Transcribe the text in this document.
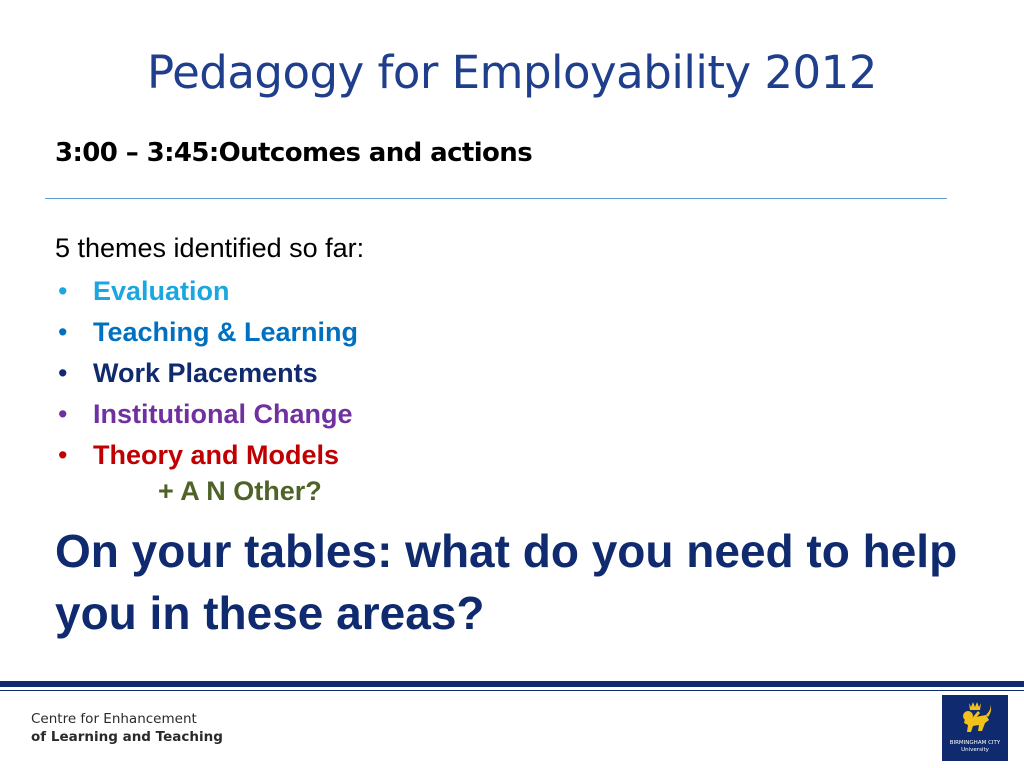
Pedagogy for Employability 2012
3:00 – 3:45:Outcomes and actions
5 themes identified so far:
• Evaluation
• Teaching & Learning
• Work Placements
• Institutional Change
• Theory and Models
+ A N Other?
On your tables: what do you need to help you in these areas?
Centre for Enhancement
of Learning and Teaching	BIRMINGHAM CITY
University
